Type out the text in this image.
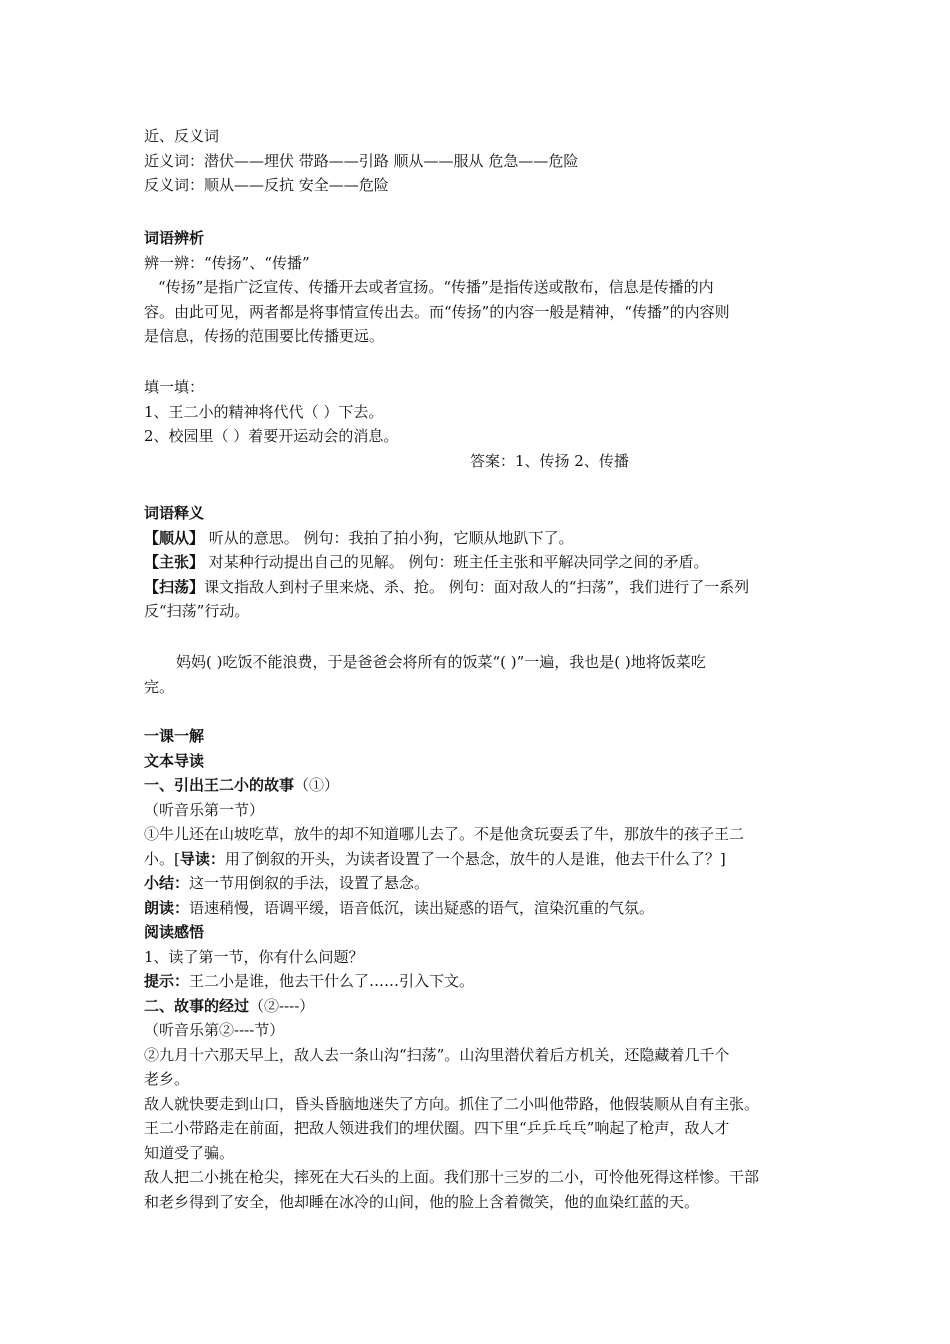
近、反义词
近义词：潜伏——埋伏 带路——引路 顺从——服从 危急——危险
反义词：顺从——反抗 安全——危险
词语辨析
辨一辨：“传扬”、“传播”
“传扬”是指广泛宣传、传播开去或者宣扬。“传播”是指传送或散布，信息是传播的内
容。由此可见，两者都是将事情宣传出去。而“传扬”的内容一般是精神，“传播”的内容则
是信息，传扬的范围要比传播更远。
填一填：
1、王二小的精神将代代（ ）下去。
2、校园里（ ）着要开运动会的消息。
答案：1、传扬 2、传播
词语释义
【顺从】 听从的意思。 例句：我拍了拍小狗，它顺从地趴下了。
【主张】 对某种行动提出自己的见解。 例句：班主任主张和平解决同学之间的矛盾。
【扫荡】课文指敌人到村子里来烧、杀、抢。 例句：面对敌人的“扫荡”，我们进行了一系列
反“扫荡”行动。
妈妈( )吃饭不能浪费，于是爸爸会将所有的饭菜“( )”一遍，我也是( )地将饭菜吃
完。
一课一解
文本导读
一、引出王二小的故事（①）
（听音乐第一节）
①牛儿还在山坡吃草，放牛的却不知道哪儿去了。不是他贪玩耍丢了牛，那放牛的孩子王二
小。[导读：用了倒叙的开头，为读者设置了一个悬念，放牛的人是谁，他去干什么了？]
小结：这一节用倒叙的手法，设置了悬念。
朗读：语速稍慢，语调平缓，语音低沉，读出疑惑的语气，渲染沉重的气氛。
阅读感悟
1、读了第一节，你有什么问题？
提示：王二小是谁，他去干什么了……引入下文。
二、故事的经过（②----）
（听音乐第②----节）
②九月十六那天早上，敌人去一条山沟“扫荡”。山沟里潜伏着后方机关，还隐藏着几千个
老乡。
敌人就快要走到山口，昏头昏脑地迷失了方向。抓住了二小叫他带路，他假装顺从自有主张。
王二小带路走在前面，把敌人领进我们的埋伏圈。四下里“乒乒乓乓”响起了枪声，敌人才
知道受了骗。
敌人把二小挑在枪尖，摔死在大石头的上面。我们那十三岁的二小，可怜他死得这样惨。干部
和老乡得到了安全，他却睡在冰冷的山间，他的脸上含着微笑，他的血染红蓝的天。
